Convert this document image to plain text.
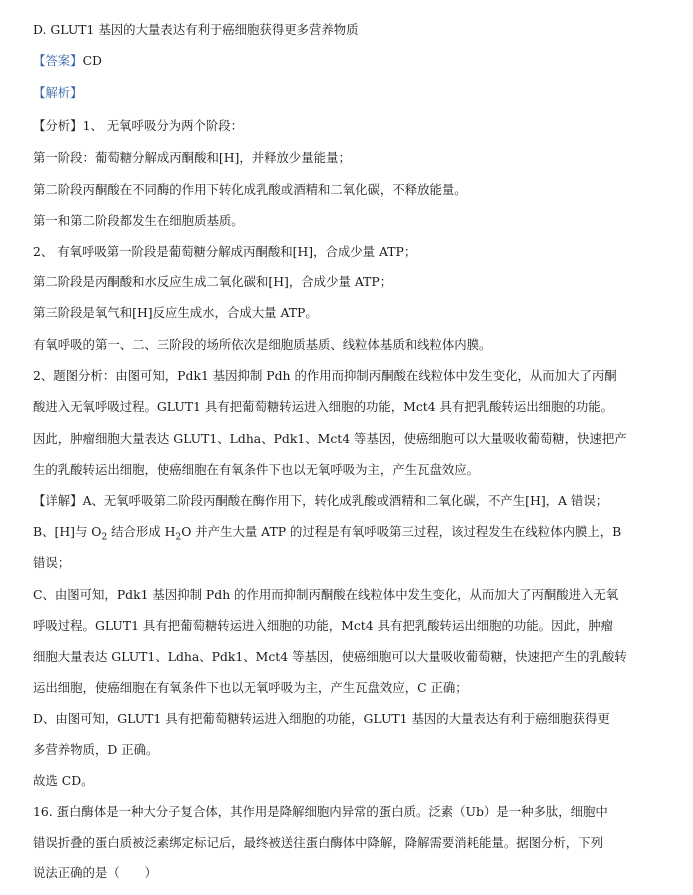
D. GLUT1 基因的大量表达有利于癌细胞获得更多营养物质
【答案】CD
【解析】
【分析】1、 无氧呼吸分为两个阶段：
第一阶段：葡萄糖分解成丙酮酸和[H]，并释放少量能量；
第二阶段丙酮酸在不同酶的作用下转化成乳酸或酒精和二氧化碳，不释放能量。
第一和第二阶段都发生在细胞质基质。
2、 有氧呼吸第一阶段是葡萄糖分解成丙酮酸和[H]，合成少量 ATP；
第二阶段是丙酮酸和水反应生成二氧化碳和[H]，合成少量 ATP；
第三阶段是氧气和[H]反应生成水，合成大量 ATP。
有氧呼吸的第一、二、三阶段的场所依次是细胞质基质、线粒体基质和线粒体内膜。
2、题图分析：由图可知，Pdk1 基因抑制 Pdh 的作用而抑制丙酮酸在线粒体中发生变化，从而加大了丙酮
酸进入无氧呼吸过程。GLUT1 具有把葡萄糖转运进入细胞的功能，Mct4 具有把乳酸转运出细胞的功能。
因此，肿瘤细胞大量表达 GLUT1、Ldha、Pdk1、Mct4 等基因，使癌细胞可以大量吸收葡萄糖，快速把产
生的乳酸转运出细胞，使癌细胞在有氧条件下也以无氧呼吸为主，产生瓦盘效应。
【详解】A、无氧呼吸第二阶段丙酮酸在酶作用下，转化成乳酸或酒精和二氧化碳，不产生[H]，A 错误；
B、[H]与 $O_2$ 结合形成 $H_2O$ 并产生大量 ATP 的过程是有氧呼吸第三过程，该过程发生在线粒体内膜上，B
错误；
C、由图可知，Pdk1 基因抑制 Pdh 的作用而抑制丙酮酸在线粒体中发生变化，从而加大了丙酮酸进入无氧
呼吸过程。GLUT1 具有把葡萄糖转运进入细胞的功能，Mct4 具有把乳酸转运出细胞的功能。因此，肿瘤
细胞大量表达 GLUT1、Ldha、Pdk1、Mct4 等基因，使癌细胞可以大量吸收葡萄糖，快速把产生的乳酸转
运出细胞，使癌细胞在有氧条件下也以无氧呼吸为主，产生瓦盘效应，C 正确；
D、由图可知，GLUT1 具有把葡萄糖转运进入细胞的功能，GLUT1 基因的大量表达有利于癌细胞获得更
多营养物质，D 正确。
故选 CD。
16. 蛋白酶体是一种大分子复合体，其作用是降解细胞内异常的蛋白质。泛素（Ub）是一种多肽，细胞中
错误折叠的蛋白质被泛素绑定标记后，最终被送往蛋白酶体中降解，降解需要消耗能量。据图分析，下列
说法正确的是（　　）
